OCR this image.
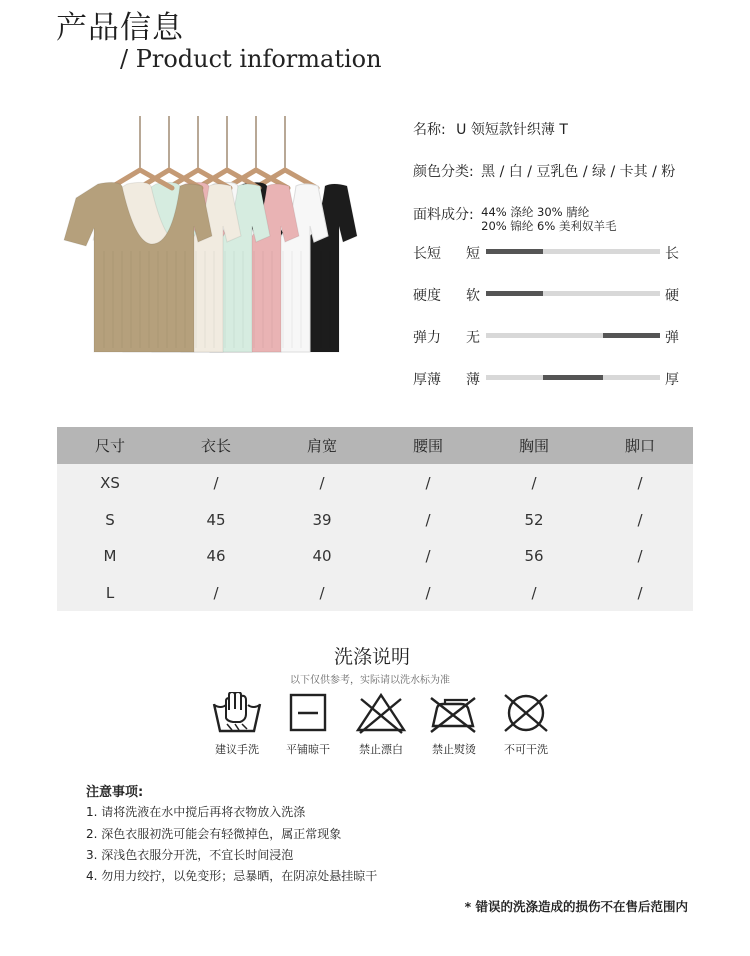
产品信息
/ Product information
名称: U 领短款针织薄 T
颜色分类: 黑 / 白 / 豆乳色 / 绿 / 卡其 / 粉
面料成分: 44% 涤纶 30% 腈纶
20% 锦纶 6% 美利奴羊毛
长短 短	长
硬度 软	硬
弹力 无	弹
厚薄 薄	厚
尺寸	衣长	肩宽	腰围	胸围	脚口
XS	/	/	/	/	/
S	45	39	/	52	/
M	46	40	/	56	/
L	/	/	/	/	/
洗涤说明
以下仅供参考，实际请以洗水标为准
建议手洗	平铺晾干	禁止漂白	禁止熨烫	不可干洗
注意事项:
1. 请将洗液在水中搅后再将衣物放入洗涤
2. 深色衣服初洗可能会有轻微掉色，属正常现象
3. 深浅色衣服分开洗，不宜长时间浸泡
4. 勿用力绞拧，以免变形；忌暴晒，在阴凉处悬挂晾干
* 错误的洗涤造成的损伤不在售后范围内
